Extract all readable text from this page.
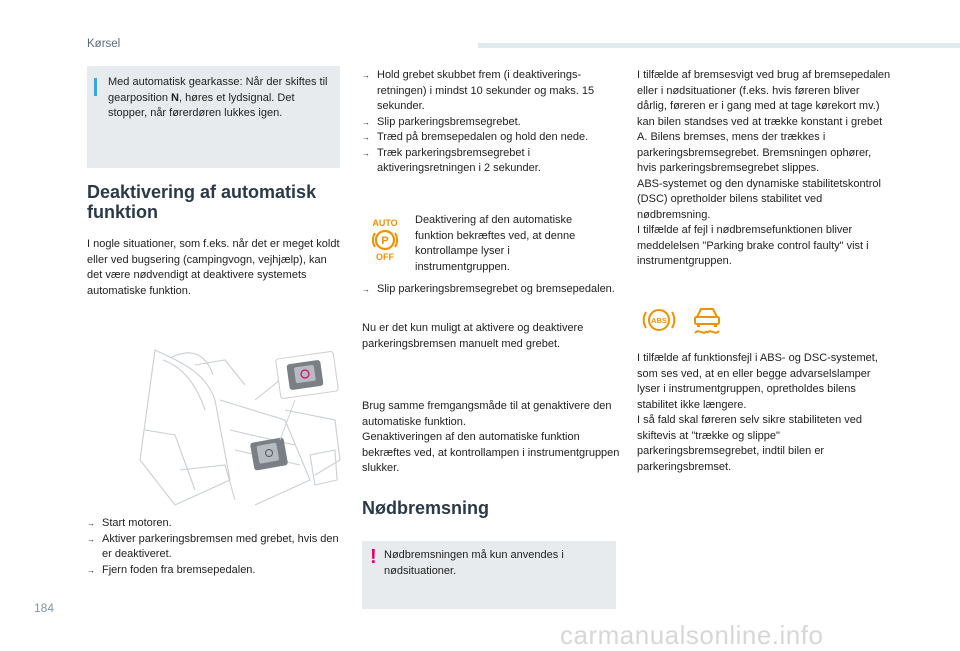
Kørsel
Med automatisk gearkasse: Når der skiftes til gearposition N, høres et lydsignal. Det stopper, når førerdøren lukkes igen.
Deaktivering af automatisk funktion
I nogle situationer, som f.eks. når det er meget koldt eller ved bugsering (campingvogn, vejhjælp), kan det være nødvendigt at deaktivere systemets automatiske funktion.
→ Start motoren.
→ Aktiver parkeringsbremsen med grebet, hvis den er deaktiveret.
→ Fjern foden fra bremsepedalen.
→ Hold grebet skubbet frem (i deaktiverings-retningen) i mindst 10 sekunder og maks. 15 sekunder.
→ Slip parkeringsbremsegrebet.
→ Træd på bremsepedalen og hold den nede.
→ Træk parkeringsbremsegrebet i aktiveringsretningen i 2 sekunder.
AUTO
P
OFF
Deaktivering af den automatiske funktion bekræftes ved, at denne kontrollampe lyser i instrumentgruppen.
→ Slip parkeringsbremsegrebet og bremsepedalen.
Nu er det kun muligt at aktivere og deaktivere parkeringsbremsen manuelt med grebet.
Brug samme fremgangsmåde til at genaktivere den automatiske funktion.
Genaktiveringen af den automatiske funktion bekræftes ved, at kontrollampen i instrumentgruppen slukker.
Nødbremsning
! Nødbremsningen må kun anvendes i nødsituationer.
I tilfælde af bremsesvigt ved brug af bremsepedalen eller i nødsituationer (f.eks. hvis føreren bliver dårlig, føreren er i gang med at tage kørekort mv.) kan bilen standses ved at trække konstant i grebet A. Bilens bremses, mens der trækkes i parkeringsbremsegrebet. Bremsningen ophører, hvis parkeringsbremsegrebet slippes.
ABS-systemet og den dynamiske stabilitetskontrol (DSC) opretholder bilens stabilitet ved nødbremsning.
I tilfælde af fejl i nødbremsefunktionen bliver meddelelsen "Parking brake control faulty" vist i instrumentgruppen.
ABS
I tilfælde af funktionsfejl i ABS- og DSC-systemet, som ses ved, at en eller begge advarselslamper lyser i instrumentgruppen, opretholdes bilens stabilitet ikke længere.
I så fald skal føreren selv sikre stabiliteten ved skiftevis at "trække og slippe" parkeringsbremsegrebet, indtil bilen er parkeringsbremset.
184
carmanualsonline.info
